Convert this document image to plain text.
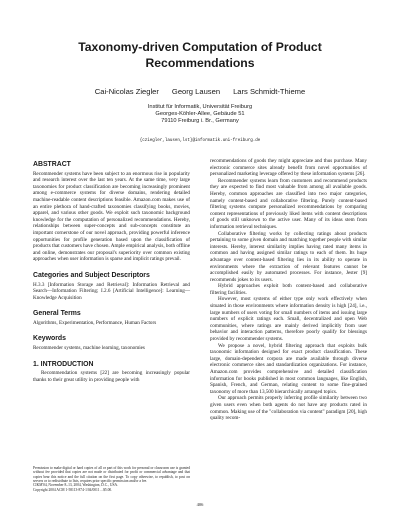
Taxonomy-driven Computation of Product
Recommendations
Cai-Nicolas Ziegler Georg Lausen Lars Schmidt-Thieme
Institut für Informatik, Universität Freiburg
Georges-Köhler-Allee, Gebäude 51
79110 Freiburg i. Br., Germany
{cziegler,lausen,lst}@informatik.uni-freiburg.de
ABSTRACT

Recommender systems have been subject to an enormous rise in popularity and research interest over the last ten years. At the same time, very large taxonomies for product classification are becoming increasingly prominent among e-commerce systems for diverse domains, rendering detailed machine-readable content descriptions feasible. Amazon.com makes use of an entire plethora of hand-crafted taxonomies classifying books, movies, apparel, and various other goods. We exploit such taxonomic background knowledge for the computation of personalized recommendations. Hereby, relationships between super-concepts and sub-concepts constitute an important cornerstone of our novel approach, providing powerful inference opportunities for profile generation based upon the classification of products that customers have chosen. Ample empirical analysis, both offline and online, demonstrates our proposal's superiority over common existing approaches when user information is sparse and implicit ratings prevail.

Categories and Subject Descriptors

H.3.3 [Information Storage and Retrieval]: Information Retrieval and Search—Information Filtering; I.2.6 [Artificial Intelligence]: Learning—Knowledge Acquisition

General Terms

Algorithms, Experimentation, Performance, Human Factors

Keywords

Recommender systems, machine learning, taxonomies

1. INTRODUCTION

Recommendation systems [22] are becoming increasingly popular thanks to their great utility in providing people with

Permission to make digital or hard copies of all or part of this work for personal or classroom use is granted without fee provided that copies are not made or distributed for profit or commercial advantage and that copies bear this notice and the full citation on the first page. To copy otherwise, to republish, to post on servers or to redistribute to lists, requires prior specific permission and/or a fee.

CIKM'04, November 8–13, 2004, Washington, D.C., USA.

Copyright 2004 ACM 1-58113-874-1/04/0011 ...$5.00.

recommendations of goods they might appreciate and thus purchase. Many electronic commerce sites already benefit from novel opportunities of personalized marketing leverage offered by these information systems [26].

Recommender systems learn from customers and recommend products they are expected to find most valuable from among all available goods. Hereby, common approaches are classified into two major categories, namely content-based and collaborative filtering. Purely content-based filtering systems compute personalized recommendations by comparing content representations of previously liked items with content descriptions of goods still unknown to the active user. Many of its ideas stem from information retrieval techniques.

Collaborative filtering works by collecting ratings about products pertaining to some given domain and matching together people with similar interests. Hereby, interest similarity implies having rated many items in common and having assigned similar ratings to each of them. Its huge advantage over content-based filtering lies in its ability to operate in environments where the extraction of relevant features cannot be accomplished easily by automated processes. For instance, Jester [9] recommends jokes to its users.

Hybrid approaches exploit both content-based and collaborative filtering facilities.

However, most systems of either type only work effectively when situated in those environments where information density is high [24], i.e., large numbers of users voting for small numbers of items and issuing large numbers of explicit ratings each. Small, decentralized and open Web communities, where ratings are mainly derived implicitly from user behavior and interaction patterns, therefore poorly qualify for blessings provided by recommender systems.

We propose a novel, hybrid filtering approach that exploits bulk taxonomic information designed for exact product classification. These large, domain-dependent corpora are made available through diverse electronic commerce sites and standardization organizations. For instance, Amazon.com provides comprehensive and detailed classification information for books published in most common languages, like English, Spanish, French, and German, relating content to some fine-grained taxonomy of more than 13,500 hierarchically arranged topics.

Our approach permits properly inferring profile similarity between two given users even when both agents do not have any products rated in common. Making use of the "collaboration via content" paradigm [20], high quality recom-

406
